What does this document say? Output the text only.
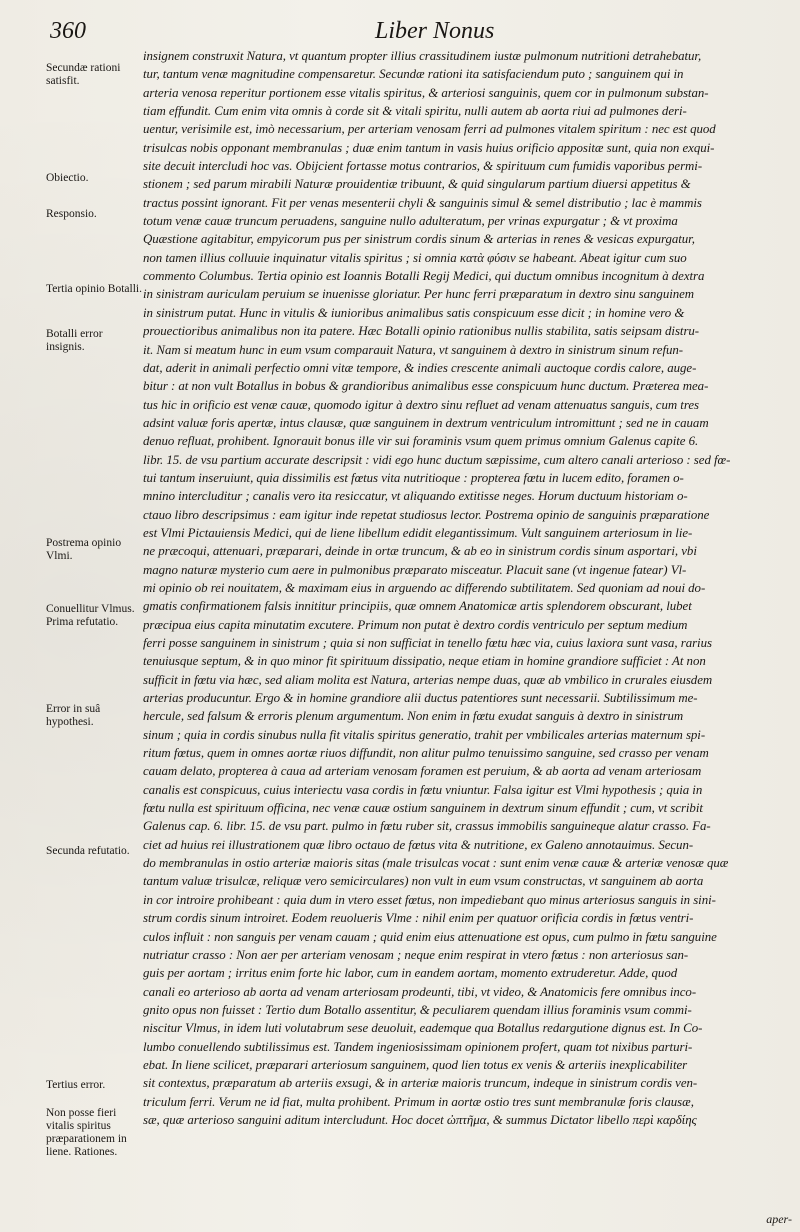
360	Liber Nonus
Secundæ rationi satisfit.
Obiectio.
Responsio.
Tertia opinio Botalli.
Botalli error insignis.
Postrema opinio Vlmi.
Conuellitur Vlmus. Prima refutatio.
Error in suâ hypothesi.
Secunda refutatio.
Tertius error.
Non posse fieri vitalis spiritus præparationem in liene. Rationes.
insignem construxit Natura, vt quantum propter illius crassitudinem iustæ pulmonum nutritioni detrahebatur,
tur, tantum venæ magnitudine compensaretur. Secundæ rationi ita satisfaciendum puto ; sanguinem qui in
arteria venosa reperitur portionem esse vitalis spiritus, & arteriosi sanguinis, quem cor in pulmonum substan-
tiam effundit. Cum enim vita omnis à corde sit & vitali spiritu, nulli autem ab aorta riui ad pulmones deri-
uentur, verisimile est, imò necessarium, per arteriam venosam ferri ad pulmones vitalem spiritum : nec est quod
trisulcas nobis opponant membranulas ; duæ enim tantum in vasis huius orificio appositæ sunt, quia non exqui-
site decuit intercludi hoc vas. Obijcient fortasse motus contrarios, & spirituum cum fumidis vaporibus permi-
stionem ; sed parum mirabili Naturæ prouidentiæ tribuunt, & quid singularum partium diuersi appetitus &
tractus possint ignorant. Fit per venas mesenterii chyli & sanguinis simul & semel distributio ; lac è mammis
totum venæ cauæ truncum peruadens, sanguine nullo adulteratum, per vrinas expurgatur ; & vt proxima
Quæstione agitabitur, empyicorum pus per sinistrum cordis sinum & arterias in renes & vesicas expurgatur,
non tamen illius colluuie inquinatur vitalis spiritus ; si omnia κατὰ φύσιν se habeant. Abeat igitur cum suo
commento Columbus. Tertia opinio est Ioannis Botalli Regij Medici, qui ductum omnibus incognitum à dextra
in sinistram auriculam peruium se inuenisse gloriatur. Per hunc ferri præparatum in dextro sinu sanguinem
in sinistrum putat. Hunc in vitulis & iunioribus animalibus satis conspicuum esse dicit ; in homine vero &
prouectioribus animalibus non ita patere. Hæc Botalli opinio rationibus nullis stabilita, satis seipsam distru-
it. Nam si meatum hunc in eum vsum comparauit Natura, vt sanguinem à dextro in sinistrum sinum refun-
dat, aderit in animali perfectio omni vitæ tempore, & indies crescente animali auctoque cordis calore, auge-
bitur : at non vult Botallus in bobus & grandioribus animalibus esse conspicuum hunc ductum. Præterea mea-
tus hic in orificio est venæ cauæ, quomodo igitur à dextro sinu refluet ad venam attenuatus sanguis, cum tres
adsint valuæ foris apertæ, intus clausæ, quæ sanguinem in dextrum ventriculum intromittunt ; sed ne in cauam
denuo refluat, prohibent. Ignorauit bonus ille vir sui foraminis vsum quem primus omnium Galenus capite 6.
libr. 15. de vsu partium accurate descripsit : vidi ego hunc ductum sæpissime, cum altero canali arterioso : sed fœ-
tui tantum inseruiunt, quia dissimilis est fœtus vita nutritioque : propterea fœtu in lucem edito, foramen o-
mnino intercluditur ; canalis vero ita resiccatur, vt aliquando extitisse neges. Horum ductuum historiam o-
ctauo libro descripsimus : eam igitur inde repetat studiosus lector. Postrema opinio de sanguinis præparatione
est Vlmi Pictauiensis Medici, qui de liene libellum edidit elegantissimum. Vult sanguinem arteriosum in lie-
ne præcoqui, attenuari, præparari, deinde in ortæ truncum, & ab eo in sinistrum cordis sinum asportari, vbi
magno naturæ mysterio cum aere in pulmonibus præparato misceatur. Placuit sane (vt ingenue fatear) Vl-
mi opinio ob rei nouitatem, & maximam eius in arguendo ac differendo subtilitatem. Sed quoniam ad noui do-
gmatis confirmationem falsis innititur principiis, quæ omnem Anatomicæ artis splendorem obscurant, lubet
præcipua eius capita minutatim excutere. Primum non putat è dextro cordis ventriculo per septum medium
ferri posse sanguinem in sinistrum ; quia si non sufficiat in tenello fœtu hæc via, cuius laxiora sunt vasa, rarius
tenuiusque septum, & in quo minor fit spirituum dissipatio, neque etiam in homine grandiore sufficiet : At non
sufficit in fœtu via hæc, sed aliam molita est Natura, arterias nempe duas, quæ ab vmbilico in crurales eiusdem
arterias producuntur. Ergo & in homine grandiore alii ductus patentiores sunt necessarii. Subtilissimum me-
hercule, sed falsum & erroris plenum argumentum. Non enim in fœtu exudat sanguis à dextro in sinistrum
sinum ; quia in cordis sinubus nulla fit vitalis spiritus generatio, trahit per vmbilicales arterias maternum spi-
ritum fœtus, quem in omnes aortæ riuos diffundit, non alitur pulmo tenuissimo sanguine, sed crasso per venam
cauam delato, propterea à caua ad arteriam venosam foramen est peruium, & ab aorta ad venam arteriosam
canalis est conspicuus, cuius interiectu vasa cordis in fœtu vniuntur. Falsa igitur est Vlmi hypothesis ; quia in
fœtu nulla est spirituum officina, nec venæ cauæ ostium sanguinem in dextrum sinum effundit ; cum, vt scribit
Galenus cap. 6. libr. 15. de vsu part. pulmo in fœtu ruber sit, crassus immobilis sanguineque alatur crasso. Fa-
ciet ad huius rei illustrationem quæ libro octauo de fœtus vita & nutritione, ex Galeno annotauimus. Secun-
do membranulas in ostio arteriæ maioris sitas (male trisulcas vocat : sunt enim venæ cauæ & arteriæ venosæ quæ
tantum valuæ trisulcæ, reliquæ vero semicirculares) non vult in eum vsum constructas, vt sanguinem ab aorta
in cor introire prohibeant : quia dum in vtero esset fœtus, non impediebant quo minus arteriosus sanguis in sini-
strum cordis sinum introiret. Eodem reuolueris Vlme : nihil enim per quatuor orificia cordis in fœtus ventri-
culos influit : non sanguis per venam cauam ; quid enim eius attenuatione est opus, cum pulmo in fœtu sanguine
nutriatur crasso : Non aer per arteriam venosam ; neque enim respirat in vtero fœtus : non arteriosus san-
guis per aortam ; irritus enim forte hic labor, cum in eandem aortam, momento extruderetur. Adde, quod
canali eo arterioso ab aorta ad venam arteriosam prodeunti, tibi, vt video, & Anatomicis fere omnibus inco-
gnito opus non fuisset : Tertio dum Botallo assentitur, & peculiarem quendam illius foraminis vsum commi-
niscitur Vlmus, in idem luti volutabrum sese deuoluit, eademque qua Botallus redargutione dignus est. In Co-
lumbo conuellendo subtilissimus est. Tandem ingeniosissimam opinionem profert, quam tot nixibus parturi-
ebat. In liene scilicet, præparari arteriosum sanguinem, quod lien totus ex venis & arteriis inexplicabiliter
sit contextus, præparatum ab arteriis exsugi, & in arteriæ maioris truncum, indeque in sinistrum cordis ven-
triculum ferri. Verum ne id fiat, multa prohibent. Primum in aortæ ostio tres sunt membranulæ foris clausæ,
sæ, quæ arterioso sanguini aditum intercludunt. Hoc docet ὠπτῆμα, & summus Dictator libello περὶ καρδίης
aper-
